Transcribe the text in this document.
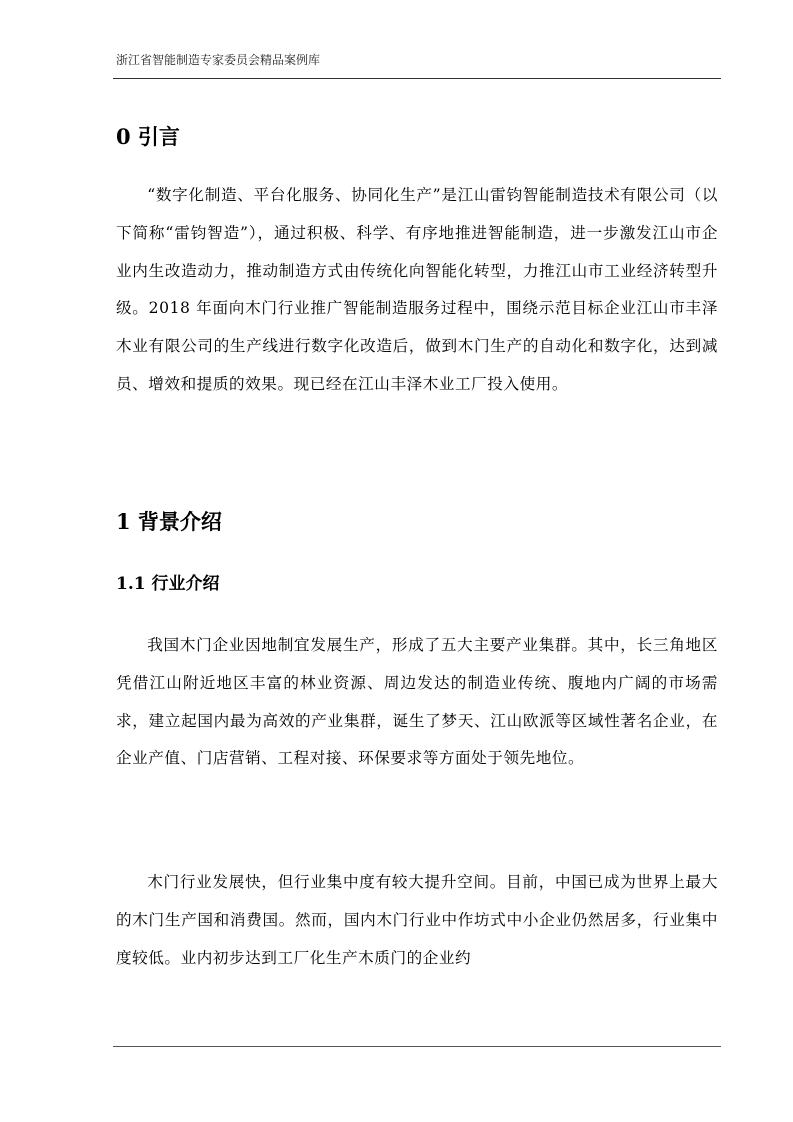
浙江省智能制造专家委员会精品案例库
0 引言

“数字化制造、平台化服务、协同化生产”是江山雷钧智能制造技术有限公司（以下简称“雷钧智造”），通过积极、科学、有序地推进智能制造，进一步激发江山市企业内生改造动力，推动制造方式由传统化向智能化转型，力推江山市工业经济转型升级。2018 年面向木门行业推广智能制造服务过程中，围绕示范目标企业江山市丰泽木业有限公司的生产线进行数字化改造后，做到木门生产的自动化和数字化，达到减员、增效和提质的效果。现已经在江山丰泽木业工厂投入使用。

1 背景介绍
1.1 行业介绍

我国木门企业因地制宜发展生产，形成了五大主要产业集群。其中，长三角地区凭借江山附近地区丰富的林业资源、周边发达的制造业传统、腹地内广阔的市场需求，建立起国内最为高效的产业集群，诞生了梦天、江山欧派等区域性著名企业，在企业产值、门店营销、工程对接、环保要求等方面处于领先地位。

木门行业发展快，但行业集中度有较大提升空间。目前，中国已成为世界上最大的木门生产国和消费国。然而，国内木门行业中作坊式中小企业仍然居多，行业集中度较低。业内初步达到工厂化生产木质门的企业约
